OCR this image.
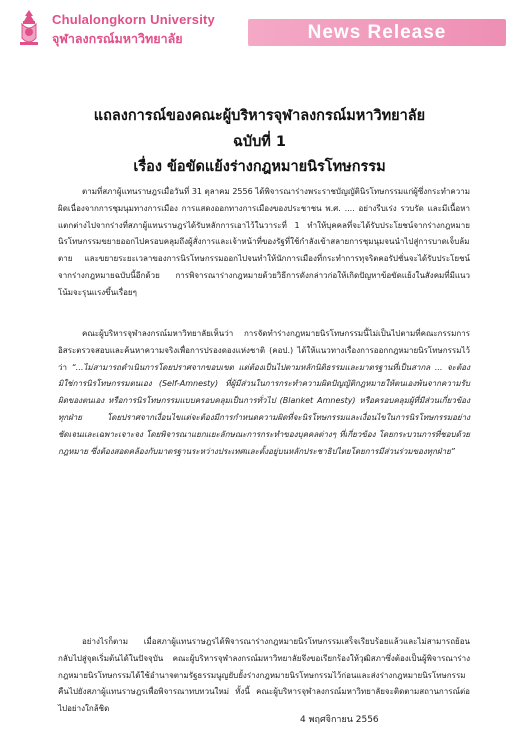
Chulalongkorn University
จุฬาลงกรณ์มหาวิทยาลัย	News Release
แถลงการณ์ของคณะผู้บริหารจุฬาลงกรณ์มหาวิทยาลัย
ฉบับที่ 1
เรื่อง ข้อขัดแย้งร่างกฎหมายนิรโทษกรรม
ตามที่สภาผู้แทนราษฎรเมื่อวันที่ 31 ตุลาคม 2556 ได้พิจารณาร่างพระราชบัญญัตินิรโทษกรรมแก่ผู้ซึ่งกระทำความผิดเนื่องจากการชุมนุมทางการเมือง การแสดงออกทางการเมืองของประชาชน พ.ศ. .... อย่างรีบเร่ง รวบรัด และมีเนื้อหาแตกต่างไปจากร่างที่สภาผู้แทนราษฎรได้รับหลักการเอาไว้ในวาระที่ 1 ทำให้บุคคลที่จะได้รับประโยชน์จากร่างกฎหมายนิรโทษกรรมขยายออกไปครอบคลุมถึงผู้สั่งการและเจ้าหน้าที่ของรัฐที่ใช้กำลังเข้าสลายการชุมนุมจนนำไปสู่การบาดเจ็บล้มตาย และขยายระยะเวลาของการนิรโทษกรรมออกไปจนทำให้นักการเมืองที่กระทำการทุจริตคอรัปชั่นจะได้รับประโยชน์จากร่างกฎหมายฉบับนี้อีกด้วย การพิจารณาร่างกฎหมายด้วยวิธีการดังกล่าวก่อให้เกิดปัญหาข้อขัดแย้งในสังคมที่มีแนวโน้มจะรุนแรงขึ้นเรื่อยๆ
คณะผู้บริหารจุฬาลงกรณ์มหาวิทยาลัยเห็นว่า การจัดทำร่างกฎหมายนิรโทษกรรมนี้ไม่เป็นไปตามที่คณะกรรมการอิสระตรวจสอบและค้นหาความจริงเพื่อการปรองดองแห่งชาติ (คอป.) ได้ให้แนวทางเรื่องการออกกฎหมายนิรโทษกรรมไว้ว่า “...ไม่สามารถดำเนินการโดยปราศจากขอบเขต แต่ต้องเป็นไปตามหลักนิติธรรมและมาตรฐานที่เป็นสากล ... จะต้องมิใช่การนิรโทษกรรมตนเอง (Self-Amnesty) ที่ผู้มีส่วนในการกระทำความผิดปัญญัติกฎหมายให้ตนเองพ้นจากความรับผิดของตนเอง หรือการนิรโทษกรรมแบบครอบคลุมเป็นการทั่วไป (Blanket Amnesty) หรือครอบคลุมผู้ที่มีส่วนเกี่ยวข้องทุกฝ่าย โดยปราศจากเงื่อนไขแต่จะต้องมีการกำหนดความผิดที่จะนิรโทษกรรมและเงื่อนไขในการนิรโทษกรรมอย่างชัดเจนและเฉพาะเจาะจง โดยพิจารณาแยกแยะลักษณะการกระทำของบุคคลต่างๆ ที่เกี่ยวข้อง โดยกระบวนการที่ชอบด้วยกฎหมาย ซึ่งต้องสอดคล้องกับมาตรฐานระหว่างประเทศและตั้งอยู่บนหลักประชาธิปไตยโดยการมีส่วนร่วมของทุกฝ่าย”
อย่างไรก็ตาม เมื่อสภาผู้แทนราษฎรได้พิจารณาร่างกฎหมายนิรโทษกรรมเสร็จเรียบร้อยแล้วและไม่สามารถย้อนกลับไปสู่จุดเริ่มต้นได้ในปัจจุบัน คณะผู้บริหารจุฬาลงกรณ์มหาวิทยาลัยจึงขอเรียกร้องให้วุฒิสภาซึ่งต้องเป็นผู้พิจารณาร่างกฎหมายนิรโทษกรรมได้ใช้อำนาจตามรัฐธรรมนูญยับยั้งร่างกฎหมายนิรโทษกรรมไว้ก่อนและส่งร่างกฎหมายนิรโทษกรรมคืนไปยังสภาผู้แทนราษฎรเพื่อพิจารณาทบทวนใหม่ ทั้งนี้ คณะผู้บริหารจุฬาลงกรณ์มหาวิทยาลัยจะติดตามสถานการณ์ต่อไปอย่างใกล้ชิด
4 พฤศจิกายน 2556
